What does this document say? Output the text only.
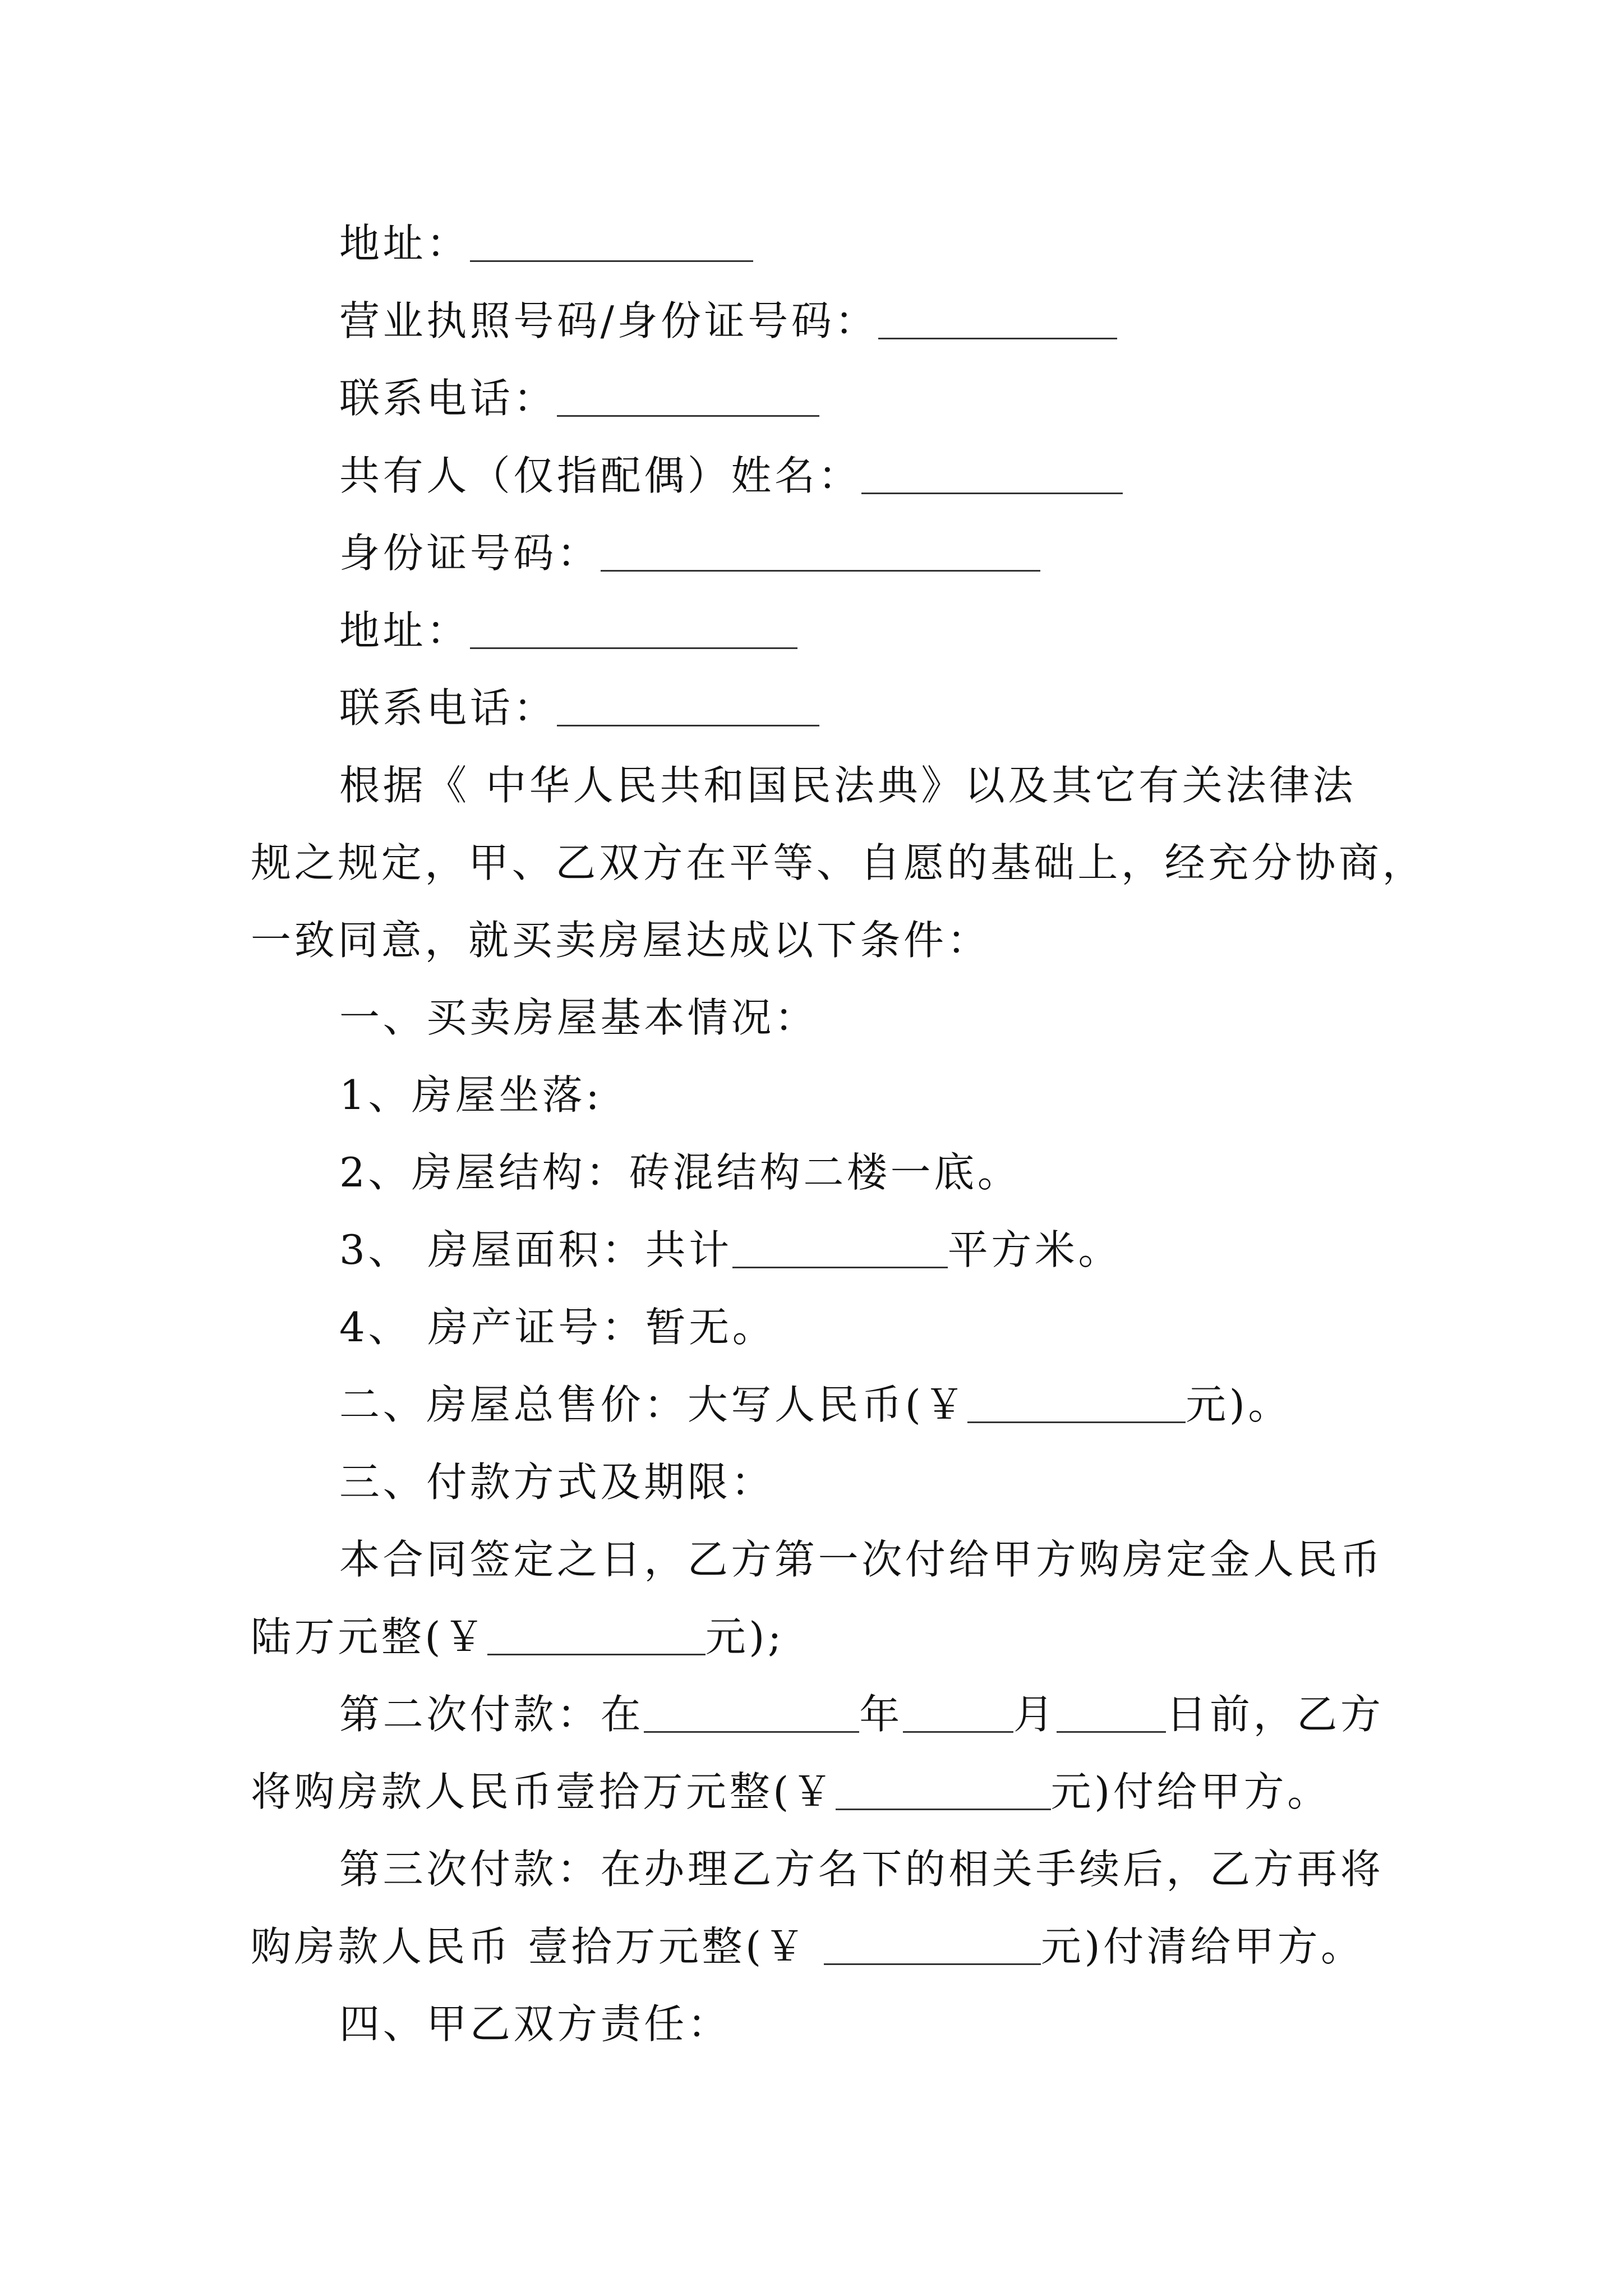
地址：
营业执照号码/身份证号码：
联系电话：
共有人（仅指配偶）姓名：
身份证号码：
地址：
联系电话：
根据《 中华人民共和国民法典》以及其它有关法律法
规之规定，甲、乙双方在平等、自愿的基础上，经充分协商，
一致同意，就买卖房屋达成以下条件：
一、买卖房屋基本情况：
1、房屋坐落:
2、房屋结构：砖混结构二楼一底。
3、 房屋面积：共计	平方米。
4、 房产证号：暂无。
二、房屋总售价：大写人民币(￥	元)。
三、付款方式及期限：
本合同签定之日，乙方第一次付给甲方购房定金人民币
陆万元整(￥	元);
第二次付款：在	年	月	日前，乙方
将购房款人民币壹拾万元整(￥	元)付给甲方。
第三次付款：在办理乙方名下的相关手续后，乙方再将
购房款人民币 壹拾万元整(￥	元)付清给甲方。
四、甲乙双方责任：
